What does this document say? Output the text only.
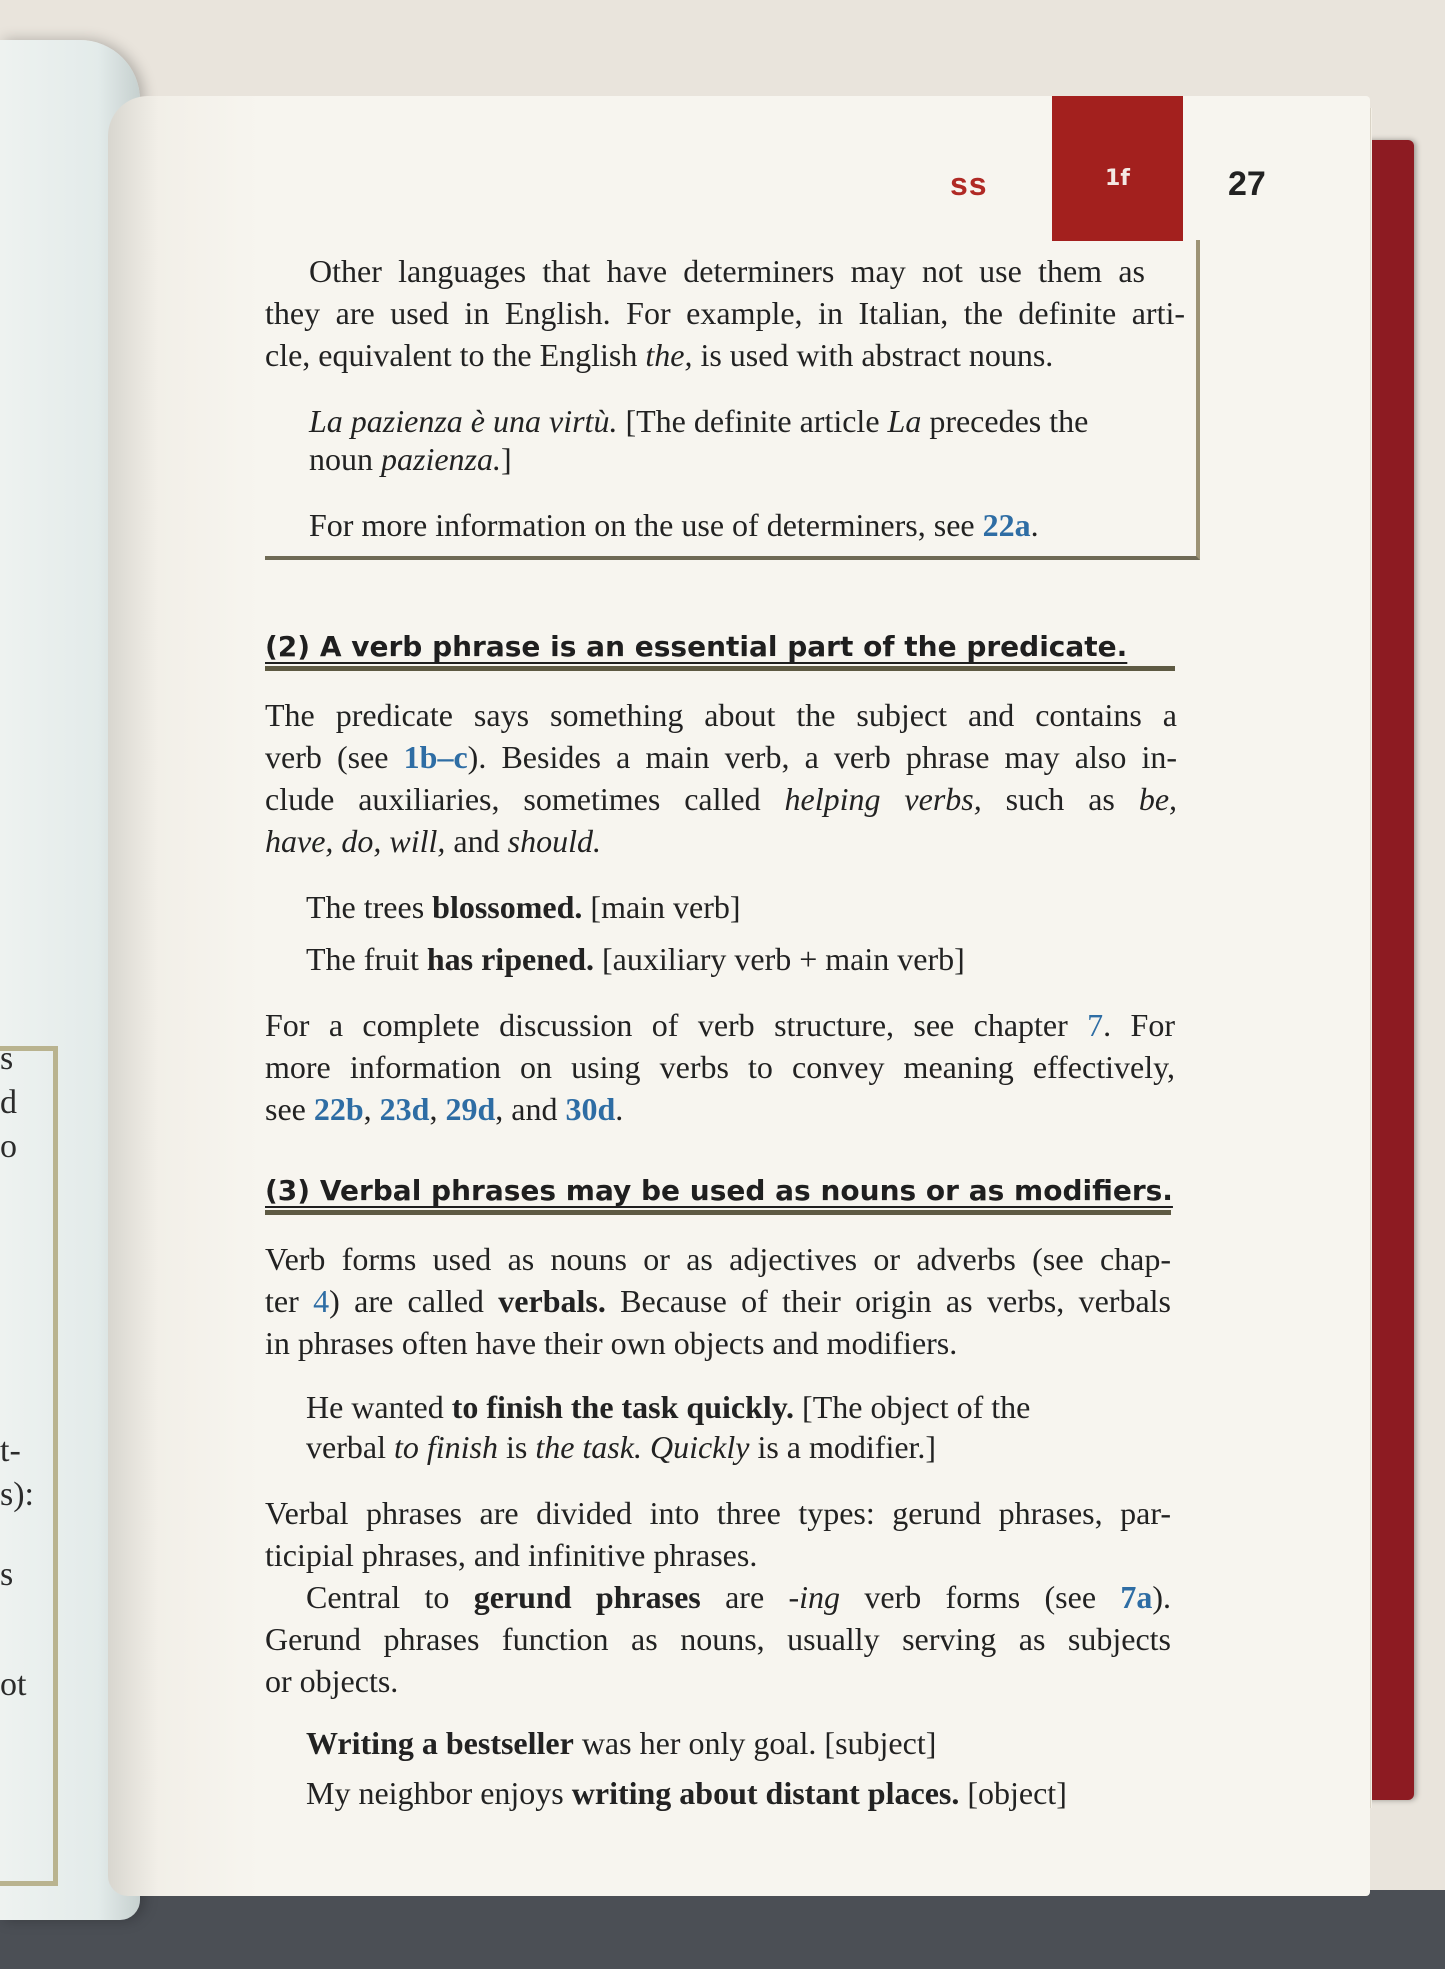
s
d
o
t-
s):
s
ot
ss	1f	27

Other languages that have determiners may not use them as

they are used in English. For example, in Italian, the definite arti-

cle, equivalent to the English the, is used with abstract nouns.

La pazienza è una virtù. [The definite article La precedes the

noun pazienza.]

For more information on the use of determiners, see 22a.

(2) A verb phrase is an essential part of the predicate.

The predicate says something about the subject and contains a

verb (see 1b–c). Besides a main verb, a verb phrase may also in-

clude auxiliaries, sometimes called helping verbs, such as be,

have, do, will, and should.

The trees blossomed. [main verb]

The fruit has ripened. [auxiliary verb + main verb]

For a complete discussion of verb structure, see chapter 7. For

more information on using verbs to convey meaning effectively,

see 22b, 23d, 29d, and 30d.

(3) Verbal phrases may be used as nouns or as modifiers.

Verb forms used as nouns or as adjectives or adverbs (see chap-

ter 4) are called verbals. Because of their origin as verbs, verbals

in phrases often have their own objects and modifiers.

He wanted to finish the task quickly. [The object of the

verbal to finish is the task. Quickly is a modifier.]

Verbal phrases are divided into three types: gerund phrases, par-

ticipial phrases, and infinitive phrases.

Central to gerund phrases are -ing verb forms (see 7a).

Gerund phrases function as nouns, usually serving as subjects

or objects.

Writing a bestseller was her only goal. [subject]

My neighbor enjoys writing about distant places. [object]
